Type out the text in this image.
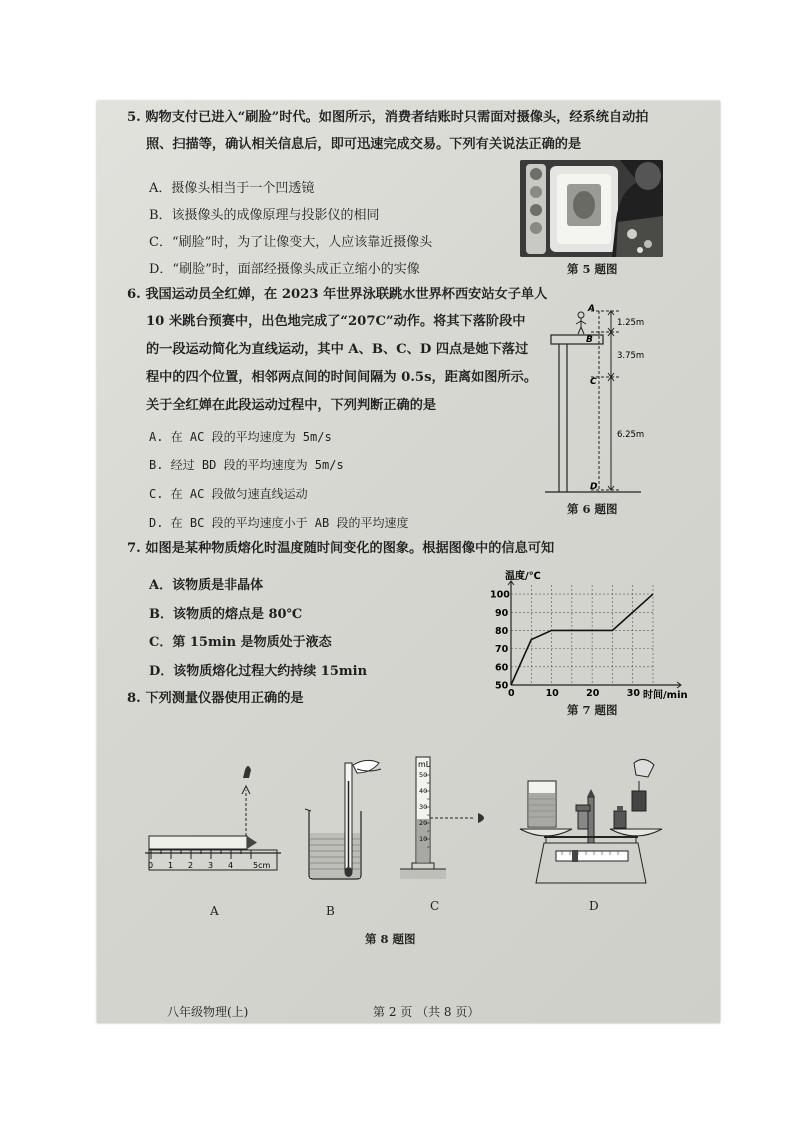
5. 购物支付已进入“刷脸”时代。如图所示，消费者结账时只需面对摄像头，经系统自动拍
照、扫描等，确认相关信息后，即可迅速完成交易。下列有关说法正确的是
A．摄像头相当于一个凹透镜
B．该摄像头的成像原理与投影仪的相同
C．“刷脸”时，为了让像变大，人应该靠近摄像头
D．“刷脸”时，面部经摄像头成正立缩小的实像	第 5 题图
6. 我国运动员全红婵，在 2023 年世界泳联跳水世界杯西安站女子单人
10 米跳台预赛中，出色地完成了“207C”动作。将其下落阶段中
的一段运动简化为直线运动，其中 A、B、C、D 四点是她下落过
程中的四个位置，相邻两点间的时间间隔为 0.5s，距离如图所示。
关于全红婵在此段运动过程中，下列判断正确的是
A. 在 AC 段的平均速度为 5m/s
B. 经过 BD 段的平均速度为 5m/s
C. 在 AC 段做匀速直线运动
D. 在 BC 段的平均速度小于 AB 段的平均速度
A
B
C
D
1.25m
3.75m
6.25m
第 6 题图
7. 如图是某种物质熔化时温度随时间变化的图象。根据图像中的信息可知
A．该物质是非晶体
B．该物质的熔点是 80℃
C．第 15min 是物质处于液态
D．该物质熔化过程大约持续 15min
温度/℃
时间/min
0	10	20	30
50
60
70
80
90
100
第 7 题图
8. 下列测量仪器使用正确的是
0 1 2 3 4 5cm
A	B
mL
50
40
30
20
10
C	D
第 8 题图
八年级物理(上)	第 2 页 （共 8 页）
